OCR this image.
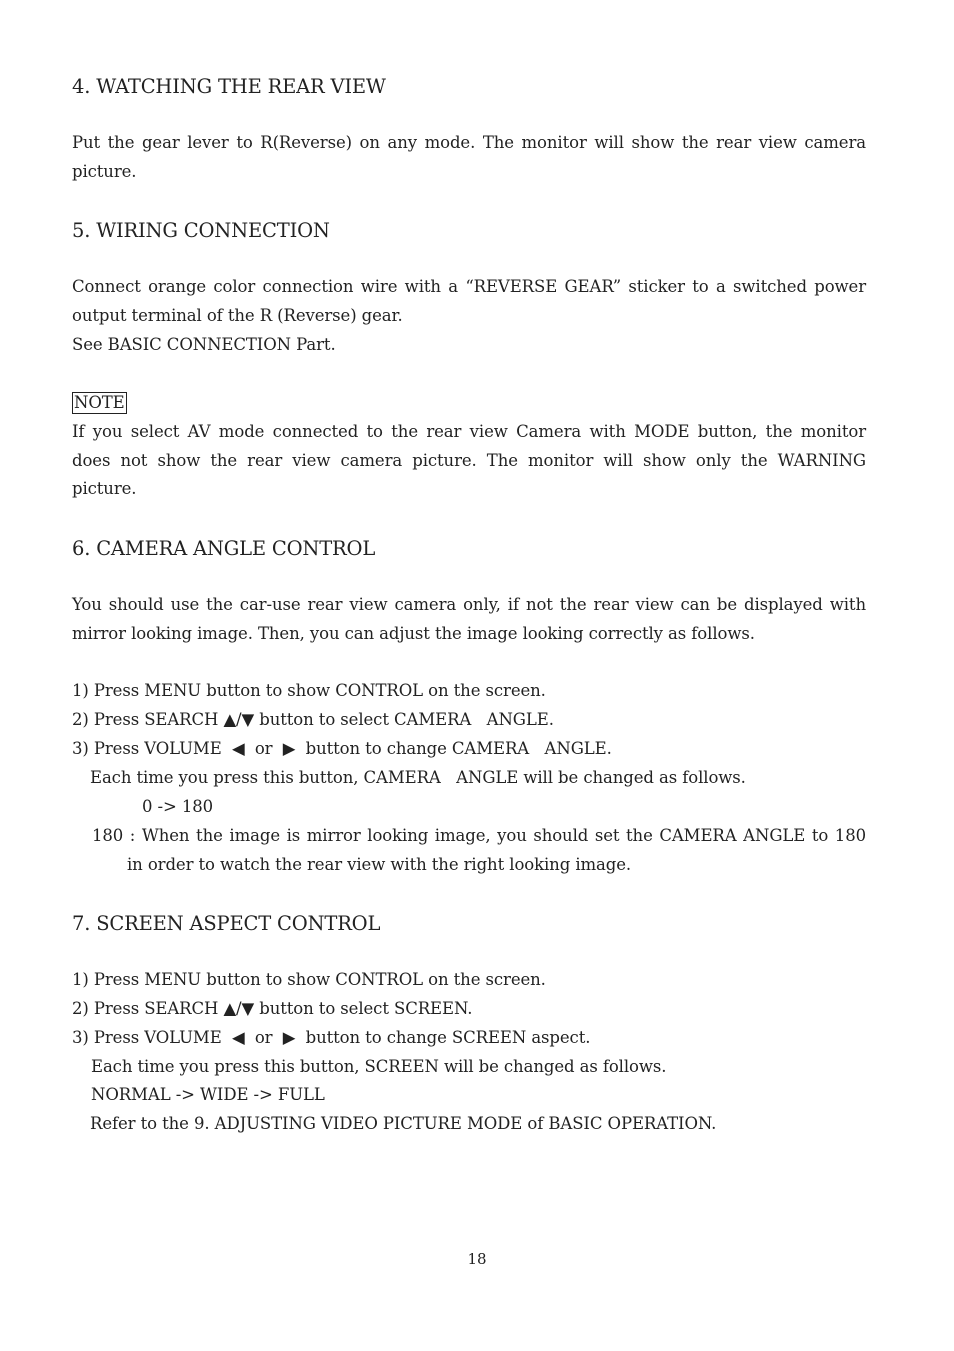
4. WATCHING THE REAR VIEW
Put the gear lever to R(Reverse) on any mode. The monitor will show the rear view camera
picture.
5. WIRING CONNECTION
Connect orange color connection wire with a “REVERSE GEAR” sticker to a switched power
output terminal of the R (Reverse) gear.
See BASIC CONNECTION Part.
NOTE
If you select AV mode connected to the rear view Camera with MODE button, the monitor
does not show the rear view camera picture. The monitor will show only the WARNING
picture.
6. CAMERA ANGLE CONTROL
You should use the car-use rear view camera only, if not the rear view can be displayed with
mirror looking image. Then, you can adjust the image looking correctly as follows.
1) Press MENU button to show CONTROL on the screen.
2) Press SEARCH ▲/▼ button to select CAMERA   ANGLE.
3) Press VOLUME  ◀  or  ▶  button to change CAMERA   ANGLE.
Each time you press this button, CAMERA   ANGLE will be changed as follows.
0 -> 180
180 : When the image is mirror looking image, you should set the CAMERA ANGLE to 180
in order to watch the rear view with the right looking image.
7. SCREEN ASPECT CONTROL
1) Press MENU button to show CONTROL on the screen.
2) Press SEARCH ▲/▼ button to select SCREEN.
3) Press VOLUME  ◀  or  ▶  button to change SCREEN aspect.
Each time you press this button, SCREEN will be changed as follows.
NORMAL -> WIDE -> FULL
Refer to the 9. ADJUSTING VIDEO PICTURE MODE of BASIC OPERATION.
18
